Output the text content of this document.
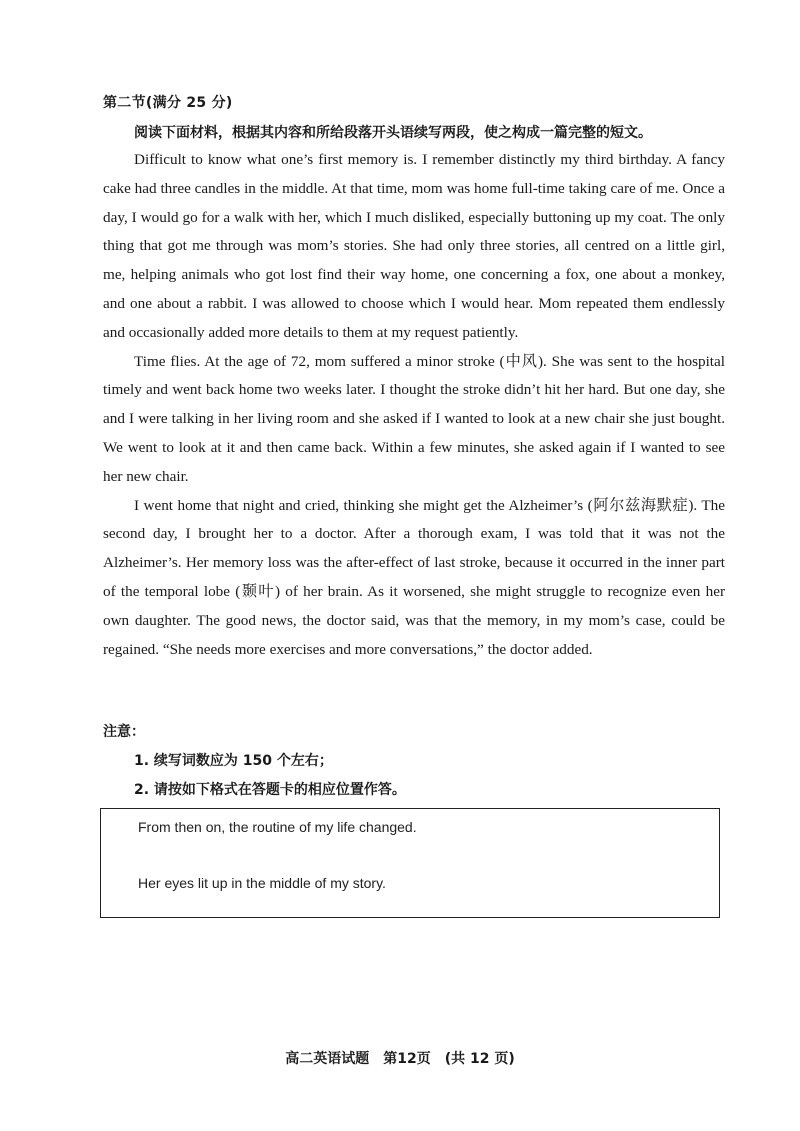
第二节(满分 25 分)
阅读下面材料，根据其内容和所给段落开头语续写两段，使之构成一篇完整的短文。

Difficult to know what one’s first memory is. I remember distinctly my third birthday. A fancy cake had three candles in the middle. At that time, mom was home full-time taking care of me. Once a day, I would go for a walk with her, which I much disliked, especially buttoning up my coat. The only thing that got me through was mom’s stories. She had only three stories, all centred on a little girl, me, helping animals who got lost find their way home, one concerning a fox, one about a monkey, and one about a rabbit. I was allowed to choose which I would hear. Mom repeated them endlessly and occasionally added more details to them at my request patiently.

Time flies. At the age of 72, mom suffered a minor stroke (中风). She was sent to the hospital timely and went back home two weeks later. I thought the stroke didn’t hit her hard. But one day, she and I were talking in her living room and she asked if I wanted to look at a new chair she just bought. We went to look at it and then came back. Within a few minutes, she asked again if I wanted to see her new chair.

I went home that night and cried, thinking she might get the Alzheimer’s (阿尔兹海默症). The second day, I brought her to a doctor. After a thorough exam, I was told that it was not the Alzheimer’s. Her memory loss was the after-effect of last stroke, because it occurred in the inner part of the temporal lobe (颞叶) of her brain. As it worsened, she might struggle to recognize even her own daughter. The good news, the doctor said, was that the memory, in my mom’s case, could be regained. “She needs more exercises and more conversations,” the doctor added.

注意：
1. 续写词数应为 150 个左右；
2. 请按如下格式在答题卡的相应位置作答。
From then on, the routine of my life changed.
Her eyes lit up in the middle of my story.
高二英语试题　第12页　(共 12 页)
